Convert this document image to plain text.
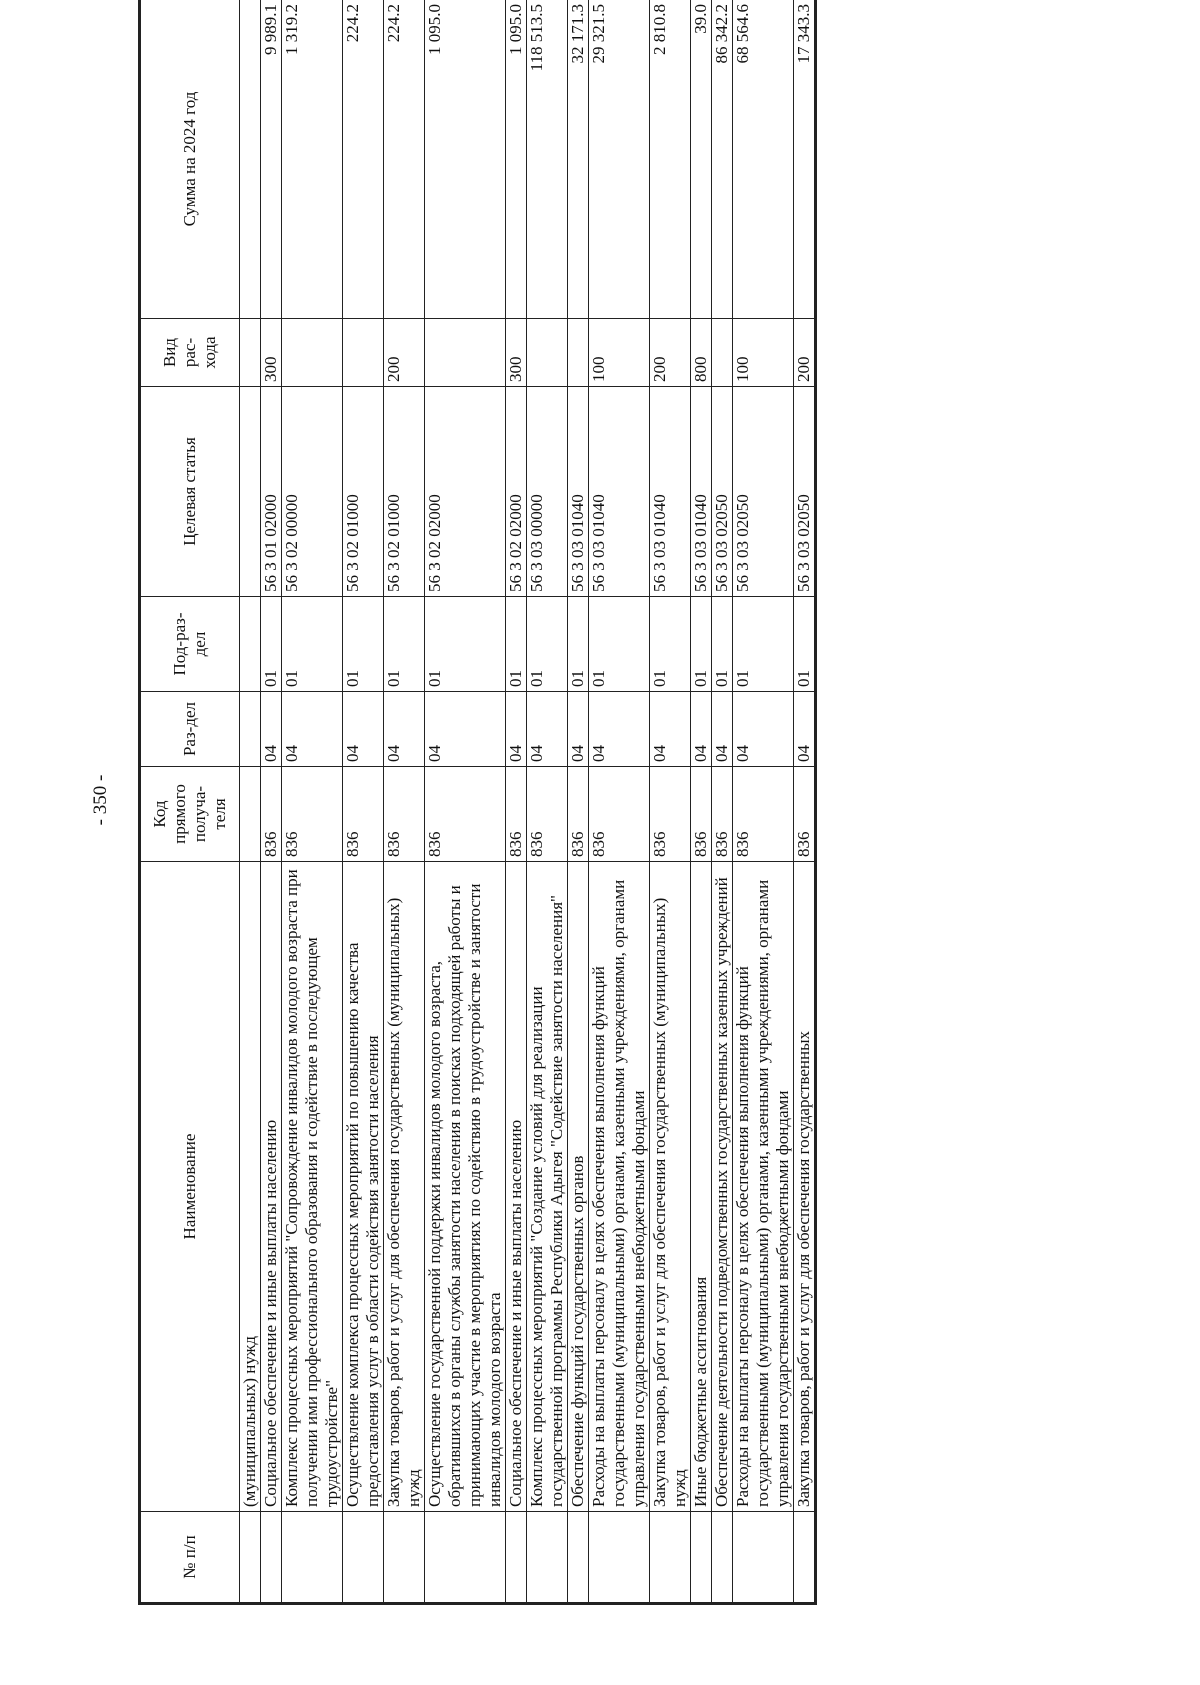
- 350 -
№ п/п	Наименование	Код прямого получа-теля	Раз-дел	Под-раз-дел	Целевая статья	Вид рас-хода	Сумма на 2024 год
	(муниципальных) нужд						
	Социальное обеспечение и иные выплаты населению	836	04	01	56 3 01 02000	300	9 989.1
	Комплекс процессных мероприятий "Сопровождение инвалидов молодого возраста при получении ими профессионального образования и содействие в последующем трудоустройстве"	836	04	01	56 3 02 00000		1 319.2
	Осуществление комплекса процессных мероприятий по повышению качества предоставления услуг в области содействия занятости населения	836	04	01	56 3 02 01000		224.2
	Закупка товаров, работ и услуг для обеспечения государственных (муниципальных) нужд	836	04	01	56 3 02 01000	200	224.2
	Осуществление государственной поддержки инвалидов молодого возраста, обратившихся в органы службы занятости населения в поисках подходящей работы и принимающих участие в мероприятиях по содействию в трудоустройстве и занятости инвалидов молодого возраста	836	04	01	56 3 02 02000		1 095.0
	Социальное обеспечение и иные выплаты населению	836	04	01	56 3 02 02000	300	1 095.0
	Комплекс процессных мероприятий "Создание условий для реализации государственной программы Республики Адыгея "Содействие занятости населения"	836	04	01	56 3 03 00000		118 513.5
	Обеспечение функций государственных органов	836	04	01	56 3 03 01040		32 171.3
	Расходы на выплаты персоналу в целях обеспечения выполнения функций государственными (муниципальными) органами, казенными учреждениями, органами управления государственными внебюджетными фондами	836	04	01	56 3 03 01040	100	29 321.5
	Закупка товаров, работ и услуг для обеспечения государственных (муниципальных) нужд	836	04	01	56 3 03 01040	200	2 810.8
	Иные бюджетные ассигнования	836	04	01	56 3 03 01040	800	39.0
	Обеспечение деятельности подведомственных государственных казенных учреждений	836	04	01	56 3 03 02050		86 342.2
	Расходы на выплаты персоналу в целях обеспечения выполнения функций государственными (муниципальными) органами, казенными учреждениями, органами управления государственными внебюджетными фондами	836	04	01	56 3 03 02050	100	68 564.6
	Закупка товаров, работ и услуг для обеспечения государственных	836	04	01	56 3 03 02050	200	17 343.3
